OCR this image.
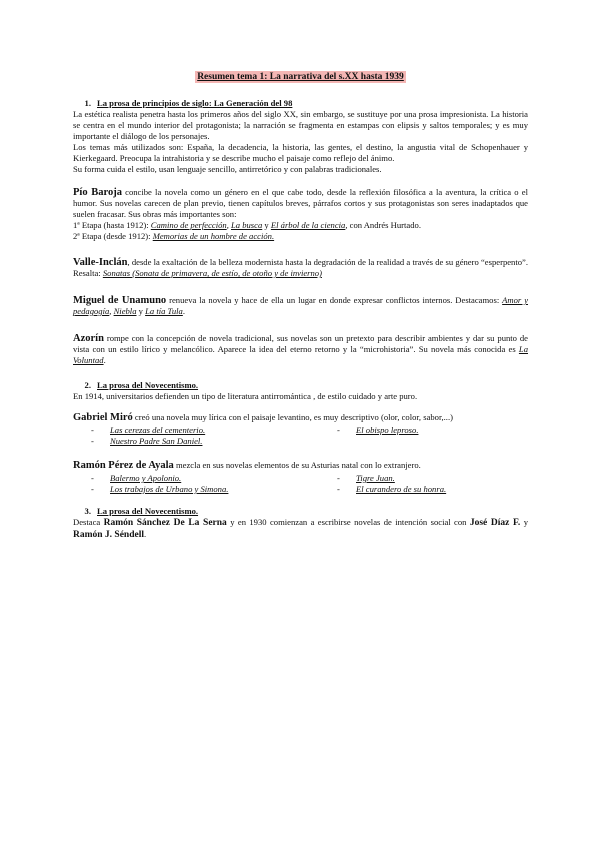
Resumen tema 1: La narrativa del s.XX hasta 1939
1. La prosa de principios de siglo: La Generación del 98

La estética realista penetra hasta los primeros años del siglo XX, sin embargo, se sustituye por una prosa impresionista. La historia se centra en el mundo interior del protagonista; la narración se fragmenta en estampas con elipsis y saltos temporales; y es muy importante el diálogo de los personajes.

Los temas más utilizados son: España, la decadencia, la historia, las gentes, el destino, la angustia vital de Schopenhauer y Kierkegaard. Preocupa la intrahistoria y se describe mucho el paisaje como reflejo del ánimo.

Su forma cuida el estilo, usan lenguaje sencillo, antirretórico y con palabras tradicionales.

Pío Baroja concibe la novela como un género en el que cabe todo, desde la reflexión filosófica a la aventura, la crítica o el humor. Sus novelas carecen de plan previo, tienen capítulos breves, párrafos cortos y sus protagonistas son seres inadaptados que suelen fracasar. Sus obras más importantes son:

1ª Etapa (hasta 1912): Camino de perfección, La busca y El árbol de la ciencia, con Andrés Hurtado.

2ª Etapa (desde 1912): Memorias de un hombre de acción.

Valle-Inclán, desde la exaltación de la belleza modernista hasta la degradación de la realidad a través de su género “esperpento”. Resalta: Sonatas (Sonata de primavera, de estío, de otoño y de invierno)

Miguel de Unamuno renueva la novela y hace de ella un lugar en donde expresar conflictos internos. Destacamos: Amor y pedagogía, Niebla y La tía Tula.

Azorín rompe con la concepción de novela tradicional, sus novelas son un pretexto para describir ambientes y dar su punto de vista con un estilo lírico y melancólico. Aparece la idea del eterno retorno y la “microhistoria”. Su novela más conocida es La Voluntad.

2. La prosa del Novecentismo.

En 1914, universitarios defienden un tipo de literatura antirromántica , de estilo cuidado y arte puro.

Gabriel Miró creó una novela muy lírica con el paisaje levantino, es muy descriptivo (olor, color, sabor,...)

-	Las cerezas del cementerio.	-	El obispo leproso.
-	Nuestro Padre San Daniel.

Ramón Pérez de Ayala mezcla en sus novelas elementos de su Asturias natal con lo extranjero.

-	Balermo y Apolonio.	-	Tigre Juan.
-	Los trabajos de Urbano y Simona.	-	El curandero de su honra.
3. La prosa del Novecentismo.

Destaca Ramón Sánchez De La Serna y en 1930 comienzan a escribirse novelas de intención social con José Díaz F. y Ramón J. Séndell.
